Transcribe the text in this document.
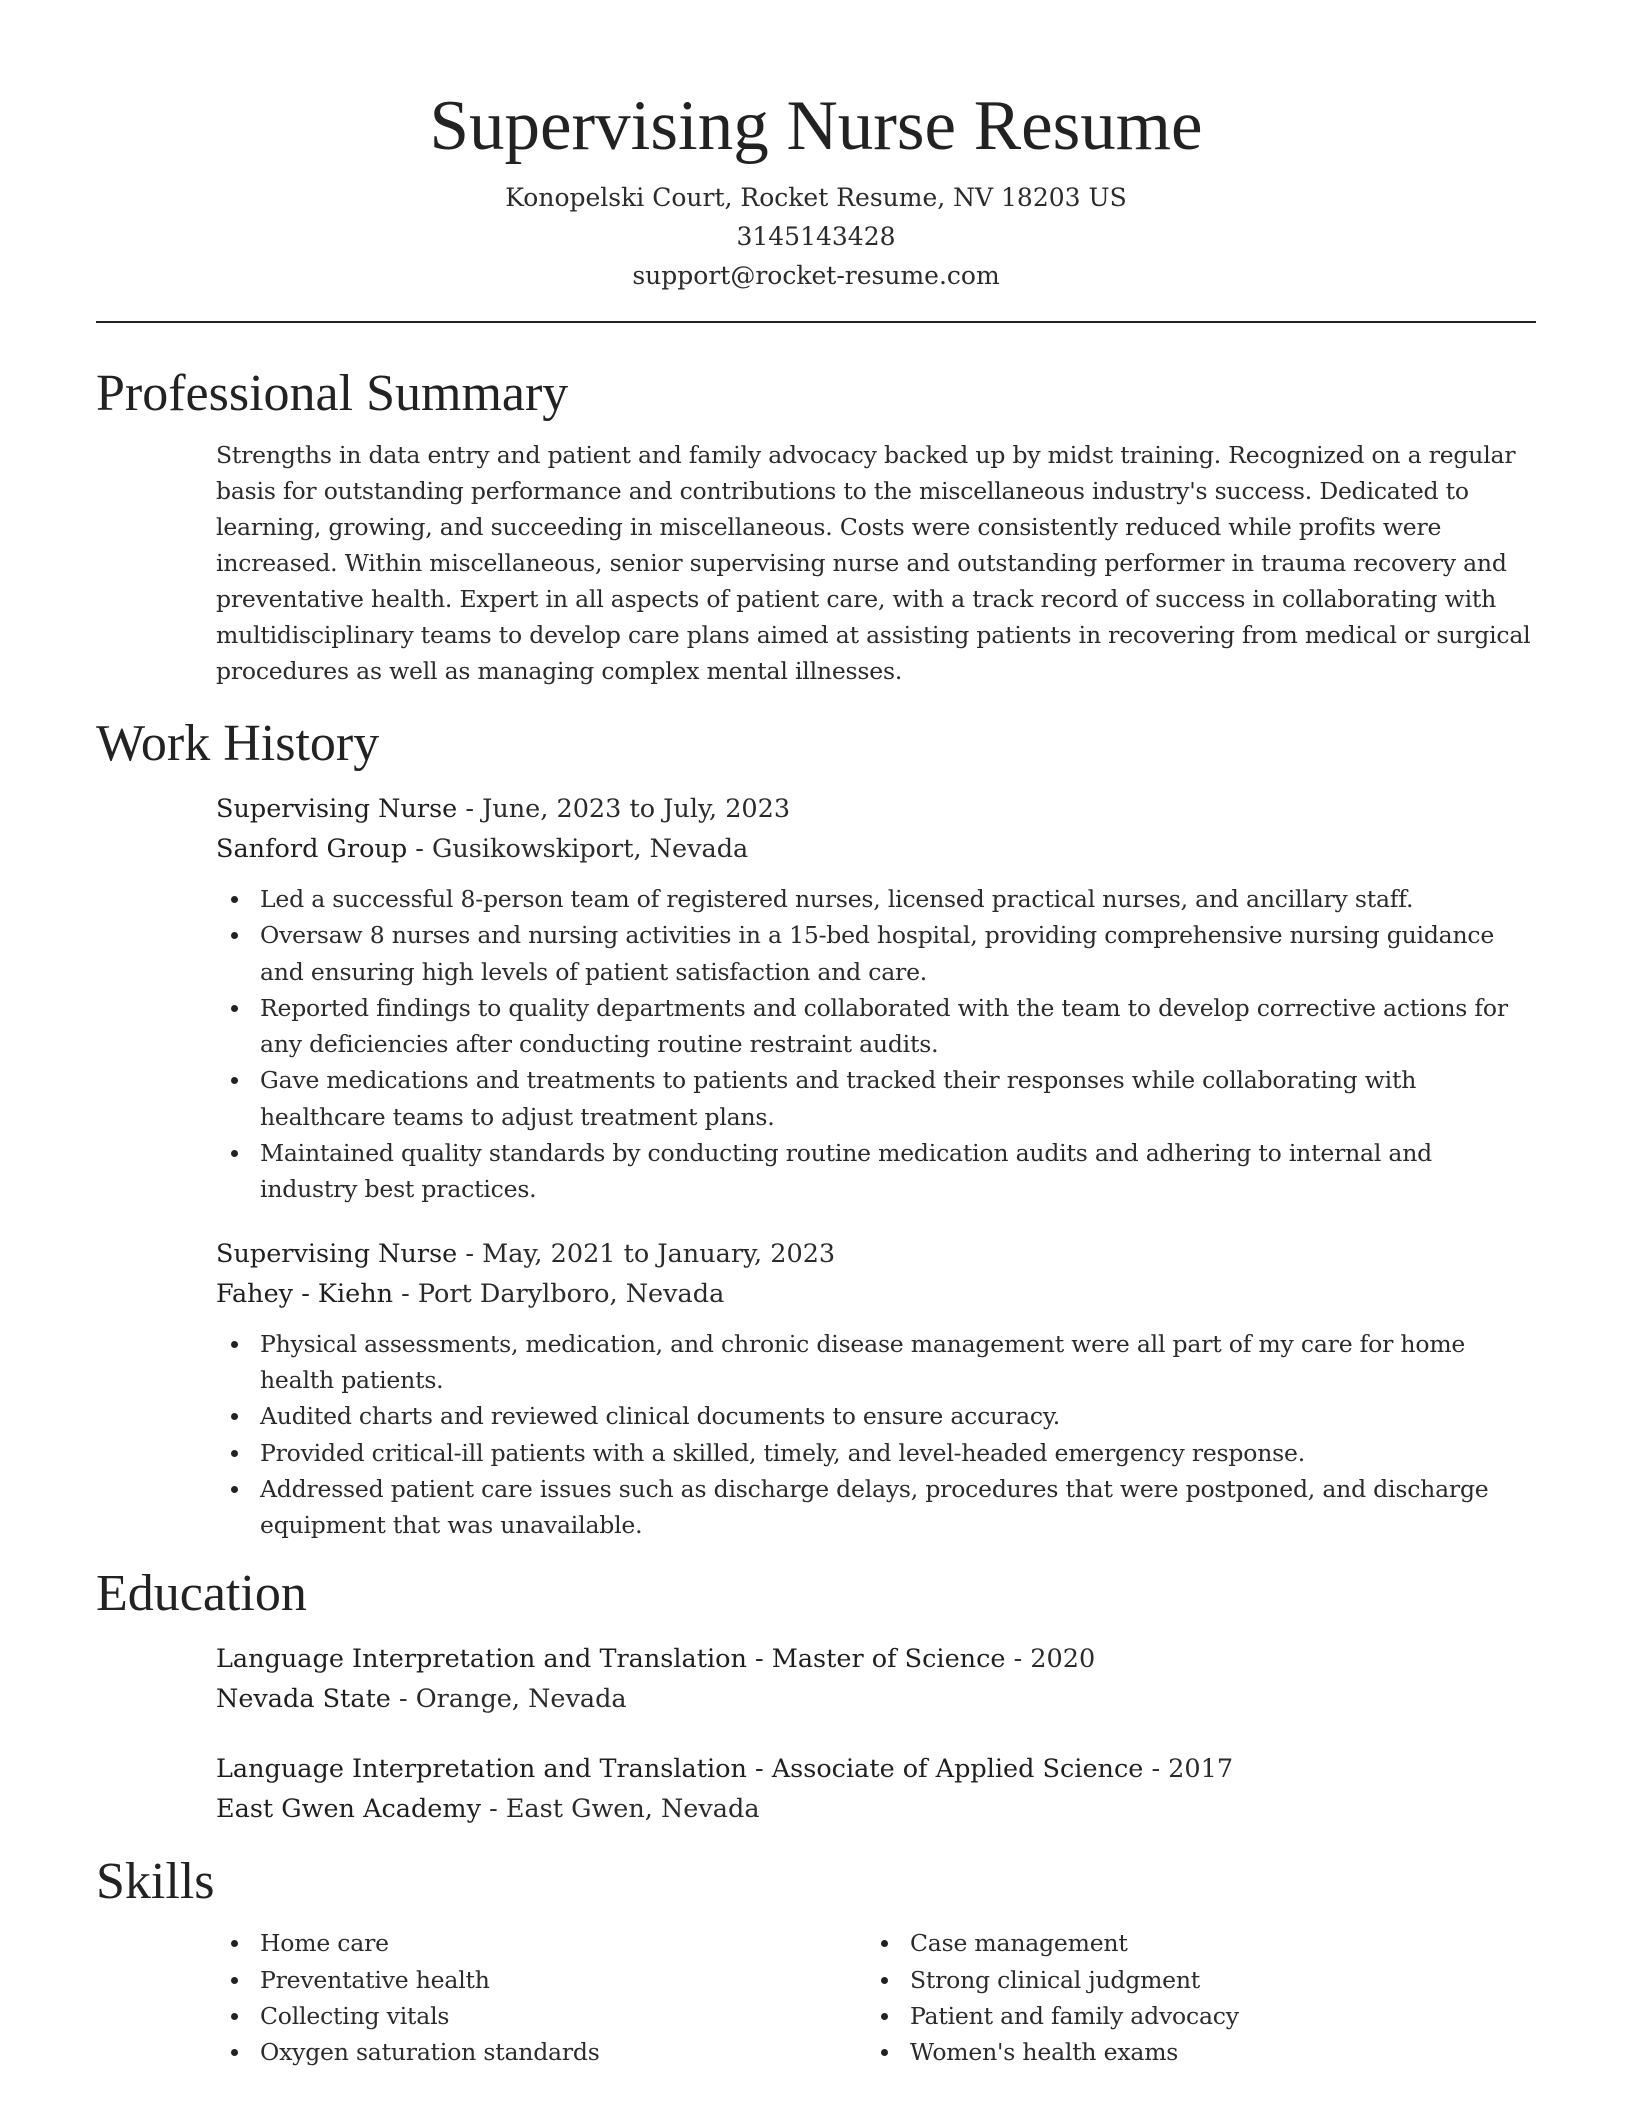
Supervising Nurse Resume
Konopelski Court, Rocket Resume, NV 18203 US
3145143428
support@rocket-resume.com
Professional Summary

Strengths in data entry and patient and family advocacy backed up by midst training. Recognized on a regular basis for outstanding performance and contributions to the miscellaneous industry's success. Dedicated to learning, growing, and succeeding in miscellaneous. Costs were consistently reduced while profits were increased. Within miscellaneous, senior supervising nurse and outstanding performer in trauma recovery and preventative health. Expert in all aspects of patient care, with a track record of success in collaborating with multidisciplinary teams to develop care plans aimed at assisting patients in recovering from medical or surgical procedures as well as managing complex mental illnesses.

Work History

Supervising Nurse - June, 2023 to July, 2023

Sanford Group - Gusikowskiport, Nevada

Led a successful 8-person team of registered nurses, licensed practical nurses, and ancillary staff.
Oversaw 8 nurses and nursing activities in a 15-bed hospital, providing comprehensive nursing guidance and ensuring high levels of patient satisfaction and care.
Reported findings to quality departments and collaborated with the team to develop corrective actions for any deficiencies after conducting routine restraint audits.
Gave medications and treatments to patients and tracked their responses while collaborating with healthcare teams to adjust treatment plans.
Maintained quality standards by conducting routine medication audits and adhering to internal and industry best practices.

Supervising Nurse - May, 2021 to January, 2023

Fahey - Kiehn - Port Darylboro, Nevada

Physical assessments, medication, and chronic disease management were all part of my care for home health patients.
Audited charts and reviewed clinical documents to ensure accuracy.
Provided critical-ill patients with a skilled, timely, and level-headed emergency response.
Addressed patient care issues such as discharge delays, procedures that were postponed, and discharge equipment that was unavailable.
Education

Language Interpretation and Translation - Master of Science - 2020

Nevada State - Orange, Nevada

Language Interpretation and Translation - Associate of Applied Science - 2017

East Gwen Academy - East Gwen, Nevada

Skills
Home care
Preventative health
Collecting vitals
Oxygen saturation standards
Case management
Strong clinical judgment
Patient and family advocacy
Women's health exams
